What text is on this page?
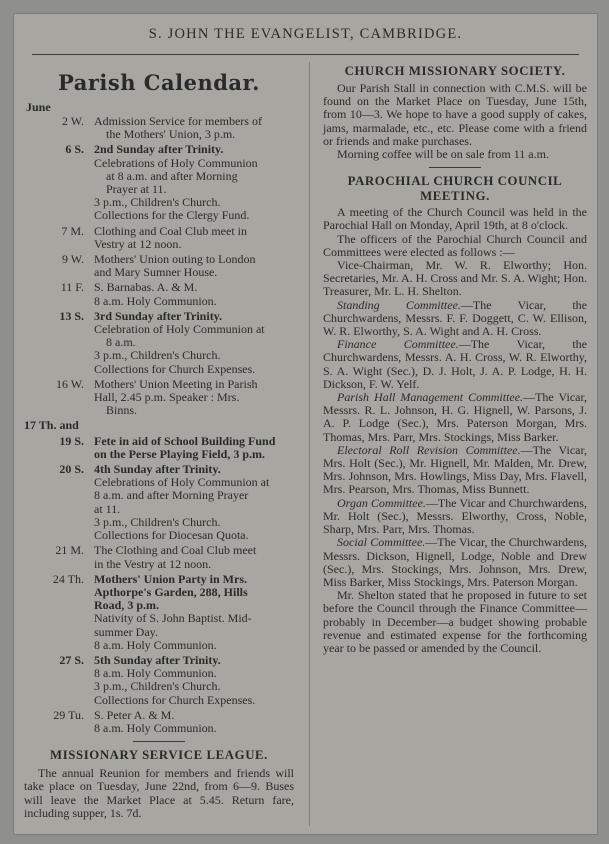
S. JOHN THE EVANGELIST, CAMBRIDGE.
Parish Calendar.
June
2 W. Admission Service for members of
the Mothers' Union, 3 p.m.
6 S. 2nd Sunday after Trinity.
Celebrations of Holy Communion
at 8 a.m. and after Morning
Prayer at 11.
3 p.m., Children's Church.
Collections for the Clergy Fund.
7 M. Clothing and Coal Club meet in
Vestry at 12 noon.
9 W. Mothers' Union outing to London
and Mary Sumner House.
11 F. S. Barnabas. A. & M.
8 a.m. Holy Communion.
13 S. 3rd Sunday after Trinity.
Celebration of Holy Communion at
8 a.m.
3 p.m., Children's Church.
Collections for Church Expenses.
16 W. Mothers' Union Meeting in Parish
Hall, 2.45 p.m. Speaker : Mrs.
Binns.
17 Th. and
19 S. Fete in aid of School Building Fund
on the Perse Playing Field, 3 p.m.
20 S. 4th Sunday after Trinity.
Celebrations of Holy Communion at
8 a.m. and after Morning Prayer
at 11.
3 p.m., Children's Church.
Collections for Diocesan Quota.
21 M. The Clothing and Coal Club meet
in the Vestry at 12 noon.
24 Th. Mothers' Union Party in Mrs.
Apthorpe's Garden, 288, Hills
Road, 3 p.m.
Nativity of S. John Baptist. Mid-
summer Day.
8 a.m. Holy Communion.
27 S. 5th Sunday after Trinity.
8 a.m. Holy Communion.
3 p.m., Children's Church.
Collections for Church Expenses.
29 Tu. S. Peter A. & M.
8 a.m. Holy Communion.
MISSIONARY SERVICE LEAGUE.
The annual Reunion for members and friends will take place on Tuesday, June 22nd, from 6—9. Buses will leave the Market Place at 5.45. Return fare, including supper, 1s. 7d.
CHURCH MISSIONARY SOCIETY.
Our Parish Stall in connection with C.M.S. will be found on the Market Place on Tuesday, June 15th, from 10—3. We hope to have a good supply of cakes, jams, marmalade, etc., etc. Please come with a friend or friends and make purchases.
Morning coffee will be on sale from 11 a.m.
PAROCHIAL CHURCH COUNCIL
MEETING.
A meeting of the Church Council was held in the Parochial Hall on Monday, April 19th, at 8 o'clock.
The officers of the Parochial Church Council and Committees were elected as follows :—
Vice-Chairman, Mr. W. R. Elworthy; Hon. Secretaries, Mr. A. H. Cross and Mr. S. A. Wight; Hon. Treasurer, Mr. L. H. Shelton.
Standing Committee.—The Vicar, the Churchwardens, Messrs. F. F. Doggett, C. W. Ellison, W. R. Elworthy, S. A. Wight and A. H. Cross.
Finance Committee.—The Vicar, the Churchwardens, Messrs. A. H. Cross, W. R. Elworthy, S. A. Wight (Sec.), D. J. Holt, J. A. P. Lodge, H. H. Dickson, F. W. Yelf.
Parish Hall Management Committee.—The Vicar, Messrs. R. L. Johnson, H. G. Hignell, W. Parsons, J. A. P. Lodge (Sec.), Mrs. Paterson Morgan, Mrs. Thomas, Mrs. Parr, Mrs. Stockings, Miss Barker.
Electoral Roll Revision Committee.—The Vicar, Mrs. Holt (Sec.), Mr. Hignell, Mr. Malden, Mr. Drew, Mrs. Johnson, Mrs. Howlings, Miss Day, Mrs. Flavell, Mrs. Pearson, Mrs. Thomas, Miss Bunnett.
Organ Committee.—The Vicar and Churchwardens, Mr. Holt (Sec.), Messrs. Elworthy, Cross, Noble, Sharp, Mrs. Parr, Mrs. Thomas.
Social Committee.—The Vicar, the Churchwardens, Messrs. Dickson, Hignell, Lodge, Noble and Drew (Sec.), Mrs. Stockings, Mrs. Johnson, Mrs. Drew, Miss Barker, Miss Stockings, Mrs. Paterson Morgan.
Mr. Shelton stated that he proposed in future to set before the Council through the Finance Committee—probably in December—a budget showing probable revenue and estimated expense for the forthcoming year to be passed or amended by the Council.
